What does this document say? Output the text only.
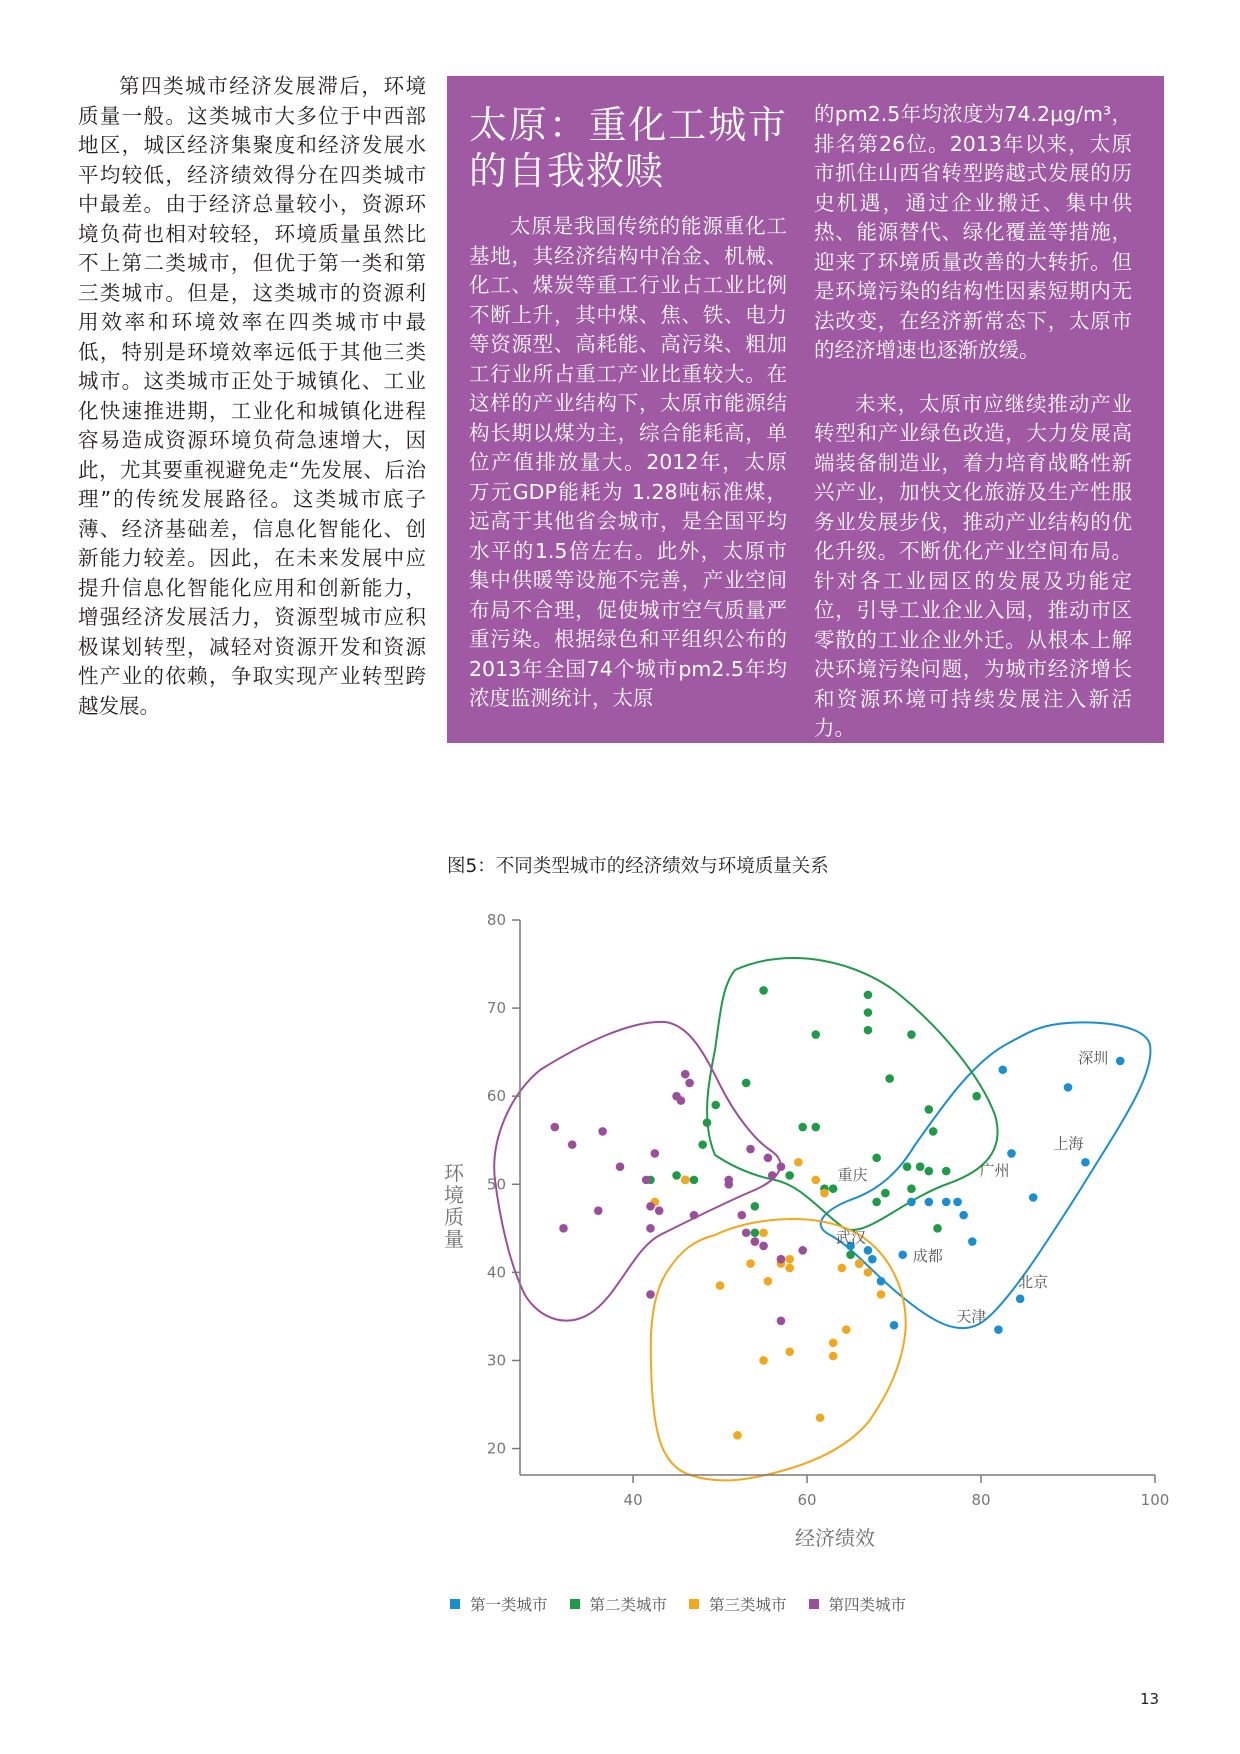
第四类城市经济发展滞后，环境质量一般。这类城市大多位于中西部地区，城区经济集聚度和经济发展水平均较低，经济绩效得分在四类城市中最差。由于经济总量较小，资源环境负荷也相对较轻，环境质量虽然比不上第二类城市，但优于第一类和第三类城市。但是，这类城市的资源利用效率和环境效率在四类城市中最低，特别是环境效率远低于其他三类城市。这类城市正处于城镇化、工业化快速推进期，工业化和城镇化进程容易造成资源环境负荷急速增大，因此，尤其要重视避免走“先发展、后治理”的传统发展路径。这类城市底子薄、经济基础差，信息化智能化、创新能力较差。因此，在未来发展中应提升信息化智能化应用和创新能力，增强经济发展活力，资源型城市应积极谋划转型，减轻对资源开发和资源性产业的依赖，争取实现产业转型跨越发展。

太原：重化工城市的自我救赎

太原是我国传统的能源重化工基地，其经济结构中冶金、机械、化工、煤炭等重工行业占工业比例不断上升，其中煤、焦、铁、电力等资源型、高耗能、高污染、粗加工行业所占重工产业比重较大。在这样的产业结构下，太原市能源结构长期以煤为主，综合能耗高，单位产值排放量大。2012年，太原万元GDP能耗为 1.28吨标准煤，远高于其他省会城市，是全国平均水平的1.5倍左右。此外，太原市集中供暖等设施不完善，产业空间布局不合理，促使城市空气质量严重污染。根据绿色和平组织公布的2013年全国74个城市pm2.5年均浓度监测统计，太原

的pm2.5年均浓度为74.2μg/m³，排名第26位。2013年以来，太原市抓住山西省转型跨越式发展的历史机遇，通过企业搬迁、集中供热、能源替代、绿化覆盖等措施，迎来了环境质量改善的大转折。但是环境污染的结构性因素短期内无法改变，在经济新常态下，太原市的经济增速也逐渐放缓。

未来，太原市应继续推动产业转型和产业绿色改造，大力发展高端装备制造业，着力培育战略性新兴产业，加快文化旅游及生产性服务业发展步伐，推动产业结构的优化升级。不断优化产业空间布局。针对各工业园区的发展及功能定位，引导工业企业入园，推动市区零散的工业企业外迁。从根本上解决环境污染问题，为城市经济增长和资源环境可持续发展注入新活力。

图5：不同类型城市的经济绩效与环境质量关系
20
30
40
50
60
70
80
40	60	80	100
深圳
上海
广州
武汉
成都
北京
天津
重庆
经济绩效
环境质量
第一类城市	第二类城市	第三类城市	第四类城市
13
